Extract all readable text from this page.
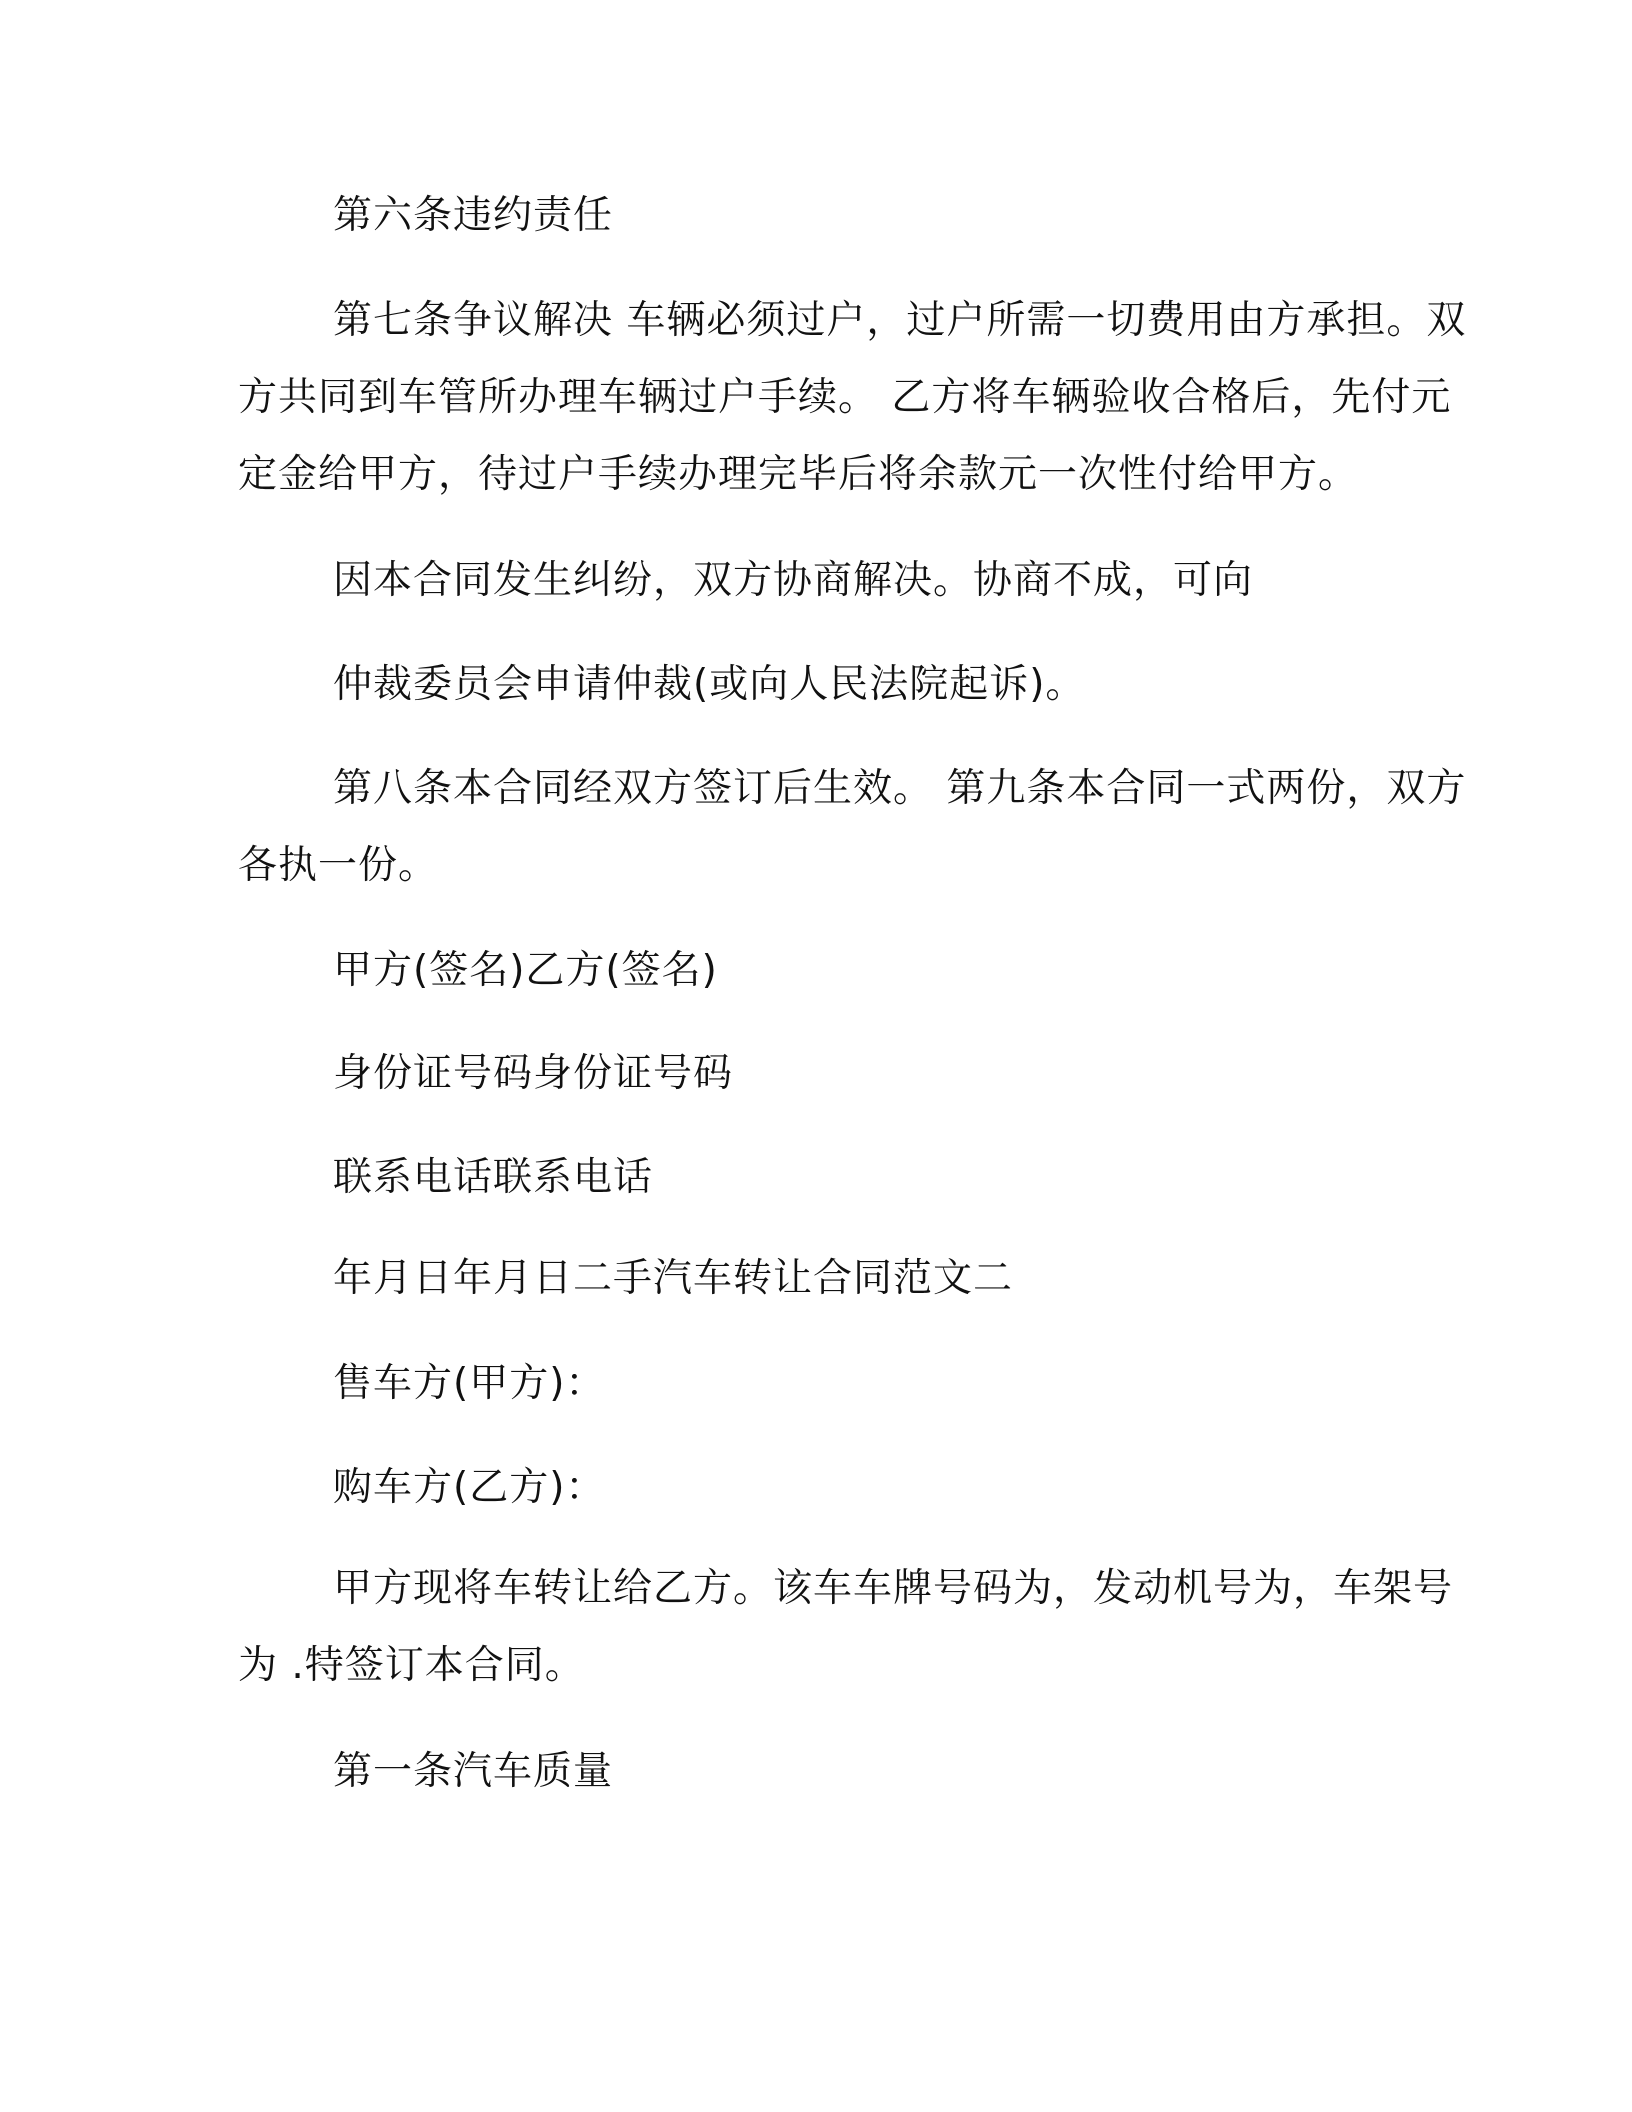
第六条违约责任
第七条争议解决 车辆必须过户，过户所需一切费用由方承担。双
方共同到车管所办理车辆过户手续。 乙方将车辆验收合格后，先付元
定金给甲方，待过户手续办理完毕后将余款元一次性付给甲方。
因本合同发生纠纷，双方协商解决。协商不成，可向
仲裁委员会申请仲裁(或向人民法院起诉)。
第八条本合同经双方签订后生效。 第九条本合同一式两份，双方
各执一份。
甲方(签名)乙方(签名)
身份证号码身份证号码
联系电话联系电话
年月日年月日二手汽车转让合同范文二
售车方(甲方)：
购车方(乙方)：
甲方现将车转让给乙方。该车车牌号码为，发动机号为，车架号
为 .特签订本合同。
第一条汽车质量
